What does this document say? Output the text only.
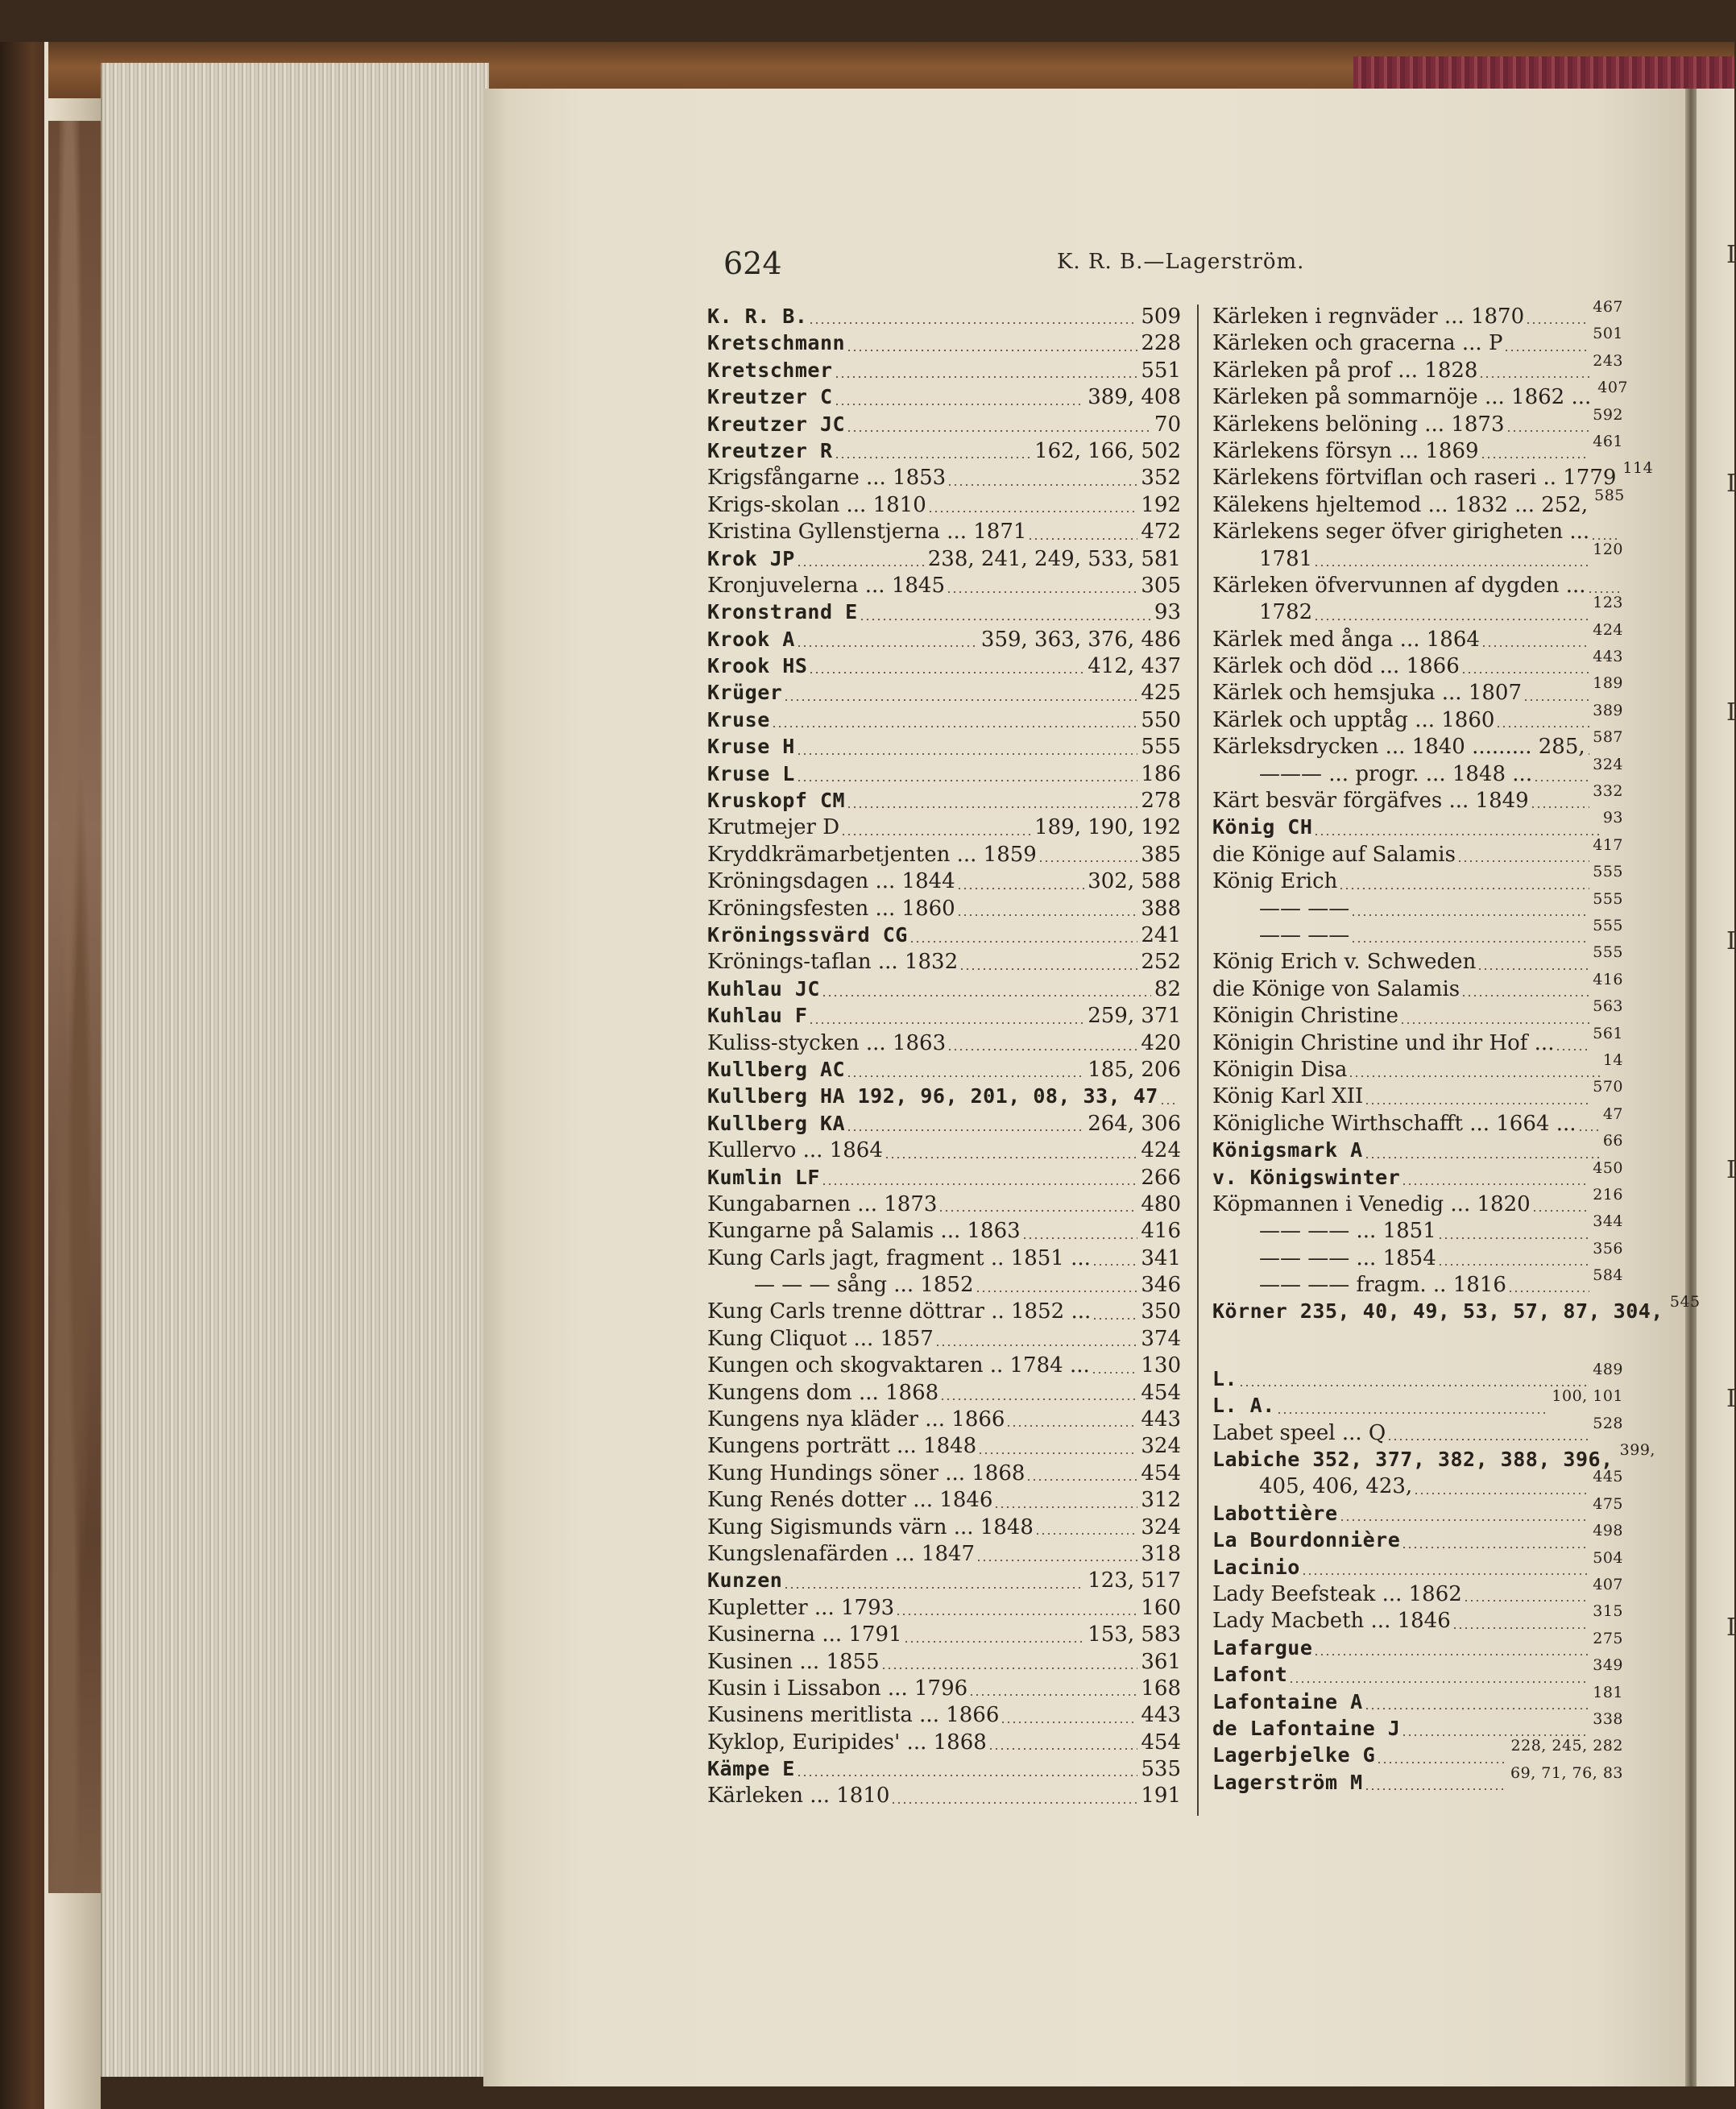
I
I
I
I
I
I
I
624	K. R. B.—Lagerström.
K. R. B.	509
Kretschmann	228
Kretschmer	551
Kreutzer C	389, 408
Kreutzer JC	70
Kreutzer R	162, 166, 502
Krigsfångarne ... 1853	352
Krigs-skolan ... 1810	192
Kristina Gyllenstjerna ... 1871	472
Krok JP	238, 241, 249, 533, 581
Kronjuvelerna ... 1845	305
Kronstrand E	93
Krook A	359, 363, 376, 486
Krook HS	412, 437
Krüger	425
Kruse	550
Kruse H	555
Kruse L	186
Kruskopf CM	278
Krutmejer D	189, 190, 192
Kryddkrämarbetjenten ... 1859	385
Kröningsdagen ... 1844	302, 588
Kröningsfesten ... 1860	388
Kröningssvärd CG	241
Krönings-taflan ... 1832	252
Kuhlau JC	82
Kuhlau F	259, 371
Kuliss-stycken ... 1863	420
Kullberg AC	185, 206
Kullberg HA 192, 96, 201, 08, 33, 47
Kullberg KA	264, 306
Kullervo ... 1864	424
Kumlin LF	266
Kungabarnen ... 1873	480
Kungarne på Salamis ... 1863	416
Kung Carls jagt, fragment .. 1851 ... 341
— — — sång ... 1852	346
Kung Carls trenne döttrar .. 1852 ... 350
Kung Cliquot ... 1857	374
Kungen och skogvaktaren .. 1784 ... 130
Kungens dom ... 1868	454
Kungens nya kläder ... 1866	443
Kungens porträtt ... 1848	324
Kung Hundings söner ... 1868	454
Kung Renés dotter ... 1846	312
Kung Sigismunds värn ... 1848	324
Kungslenafärden ... 1847	318
Kunzen	123, 517
Kupletter ... 1793	160
Kusinerna ... 1791	153, 583
Kusinen ... 1855	361
Kusin i Lissabon ... 1796	168
Kusinens meritlista ... 1866	443
Kyklop, Euripides' ... 1868	454
Kämpe E	535
Kärleken ... 1810	191
Kärleken i regnväder ... 1870	467
Kärleken och gracerna ... P	501
Kärleken på prof ... 1828	243
Kärleken på sommarnöje ... 1862 ... 407
Kärlekens belöning ... 1873	592
Kärlekens försyn ... 1869	461
Kärlekens förtviflan och raseri .. 1779 114
Kälekens hjeltemod ... 1832 ... 252, 585
Kärlekens seger öfver girigheten ...
1781	120
Kärleken öfvervunnen af dygden ...
1782	123
Kärlek med ånga ... 1864	424
Kärlek och död ... 1866	443
Kärlek och hemsjuka ... 1807	189
Kärlek och upptåg ... 1860	389
Kärleksdrycken ... 1840 ......... 285, 587
——— ... progr. ... 1848 ...	324
Kärt besvär förgäfves ... 1849	332
König CH	93
die Königе auf Salamis	417
König Erich	555
—— ——	555
—— ——	555
König Erich v. Schweden	555
die Königе von Salamis	416
Königin Christine	563
Königin Christine und ihr Hof ...	561
Königin Disa	14
König Karl XII	570
Königliche Wirthschafft ... 1664 ... 47
Königsmark A	66
v. Königswinter	450
Köpmannen i Venedig ... 1820	216
—— —— ... 1851	344
—— —— ... 1854	356
—— —— fragm. .. 1816	584
Körner 235, 40, 49, 53, 57, 87, 304, 545
L.	489
L. A.	100, 101
Labet speel ... Q	528
Labiche 352, 377, 382, 388, 396, 399,
405, 406, 423,	445
Labottière	475
La Bourdonnière	498
Lacinio	504
Lady Beefsteak ... 1862	407
Lady Macbeth ... 1846	315
Lafargue	275
Lafont	349
Lafontaine A	181
de Lafontaine J	338
Lagerbjelke G	228, 245, 282
Lagerström M	69, 71, 76, 83
